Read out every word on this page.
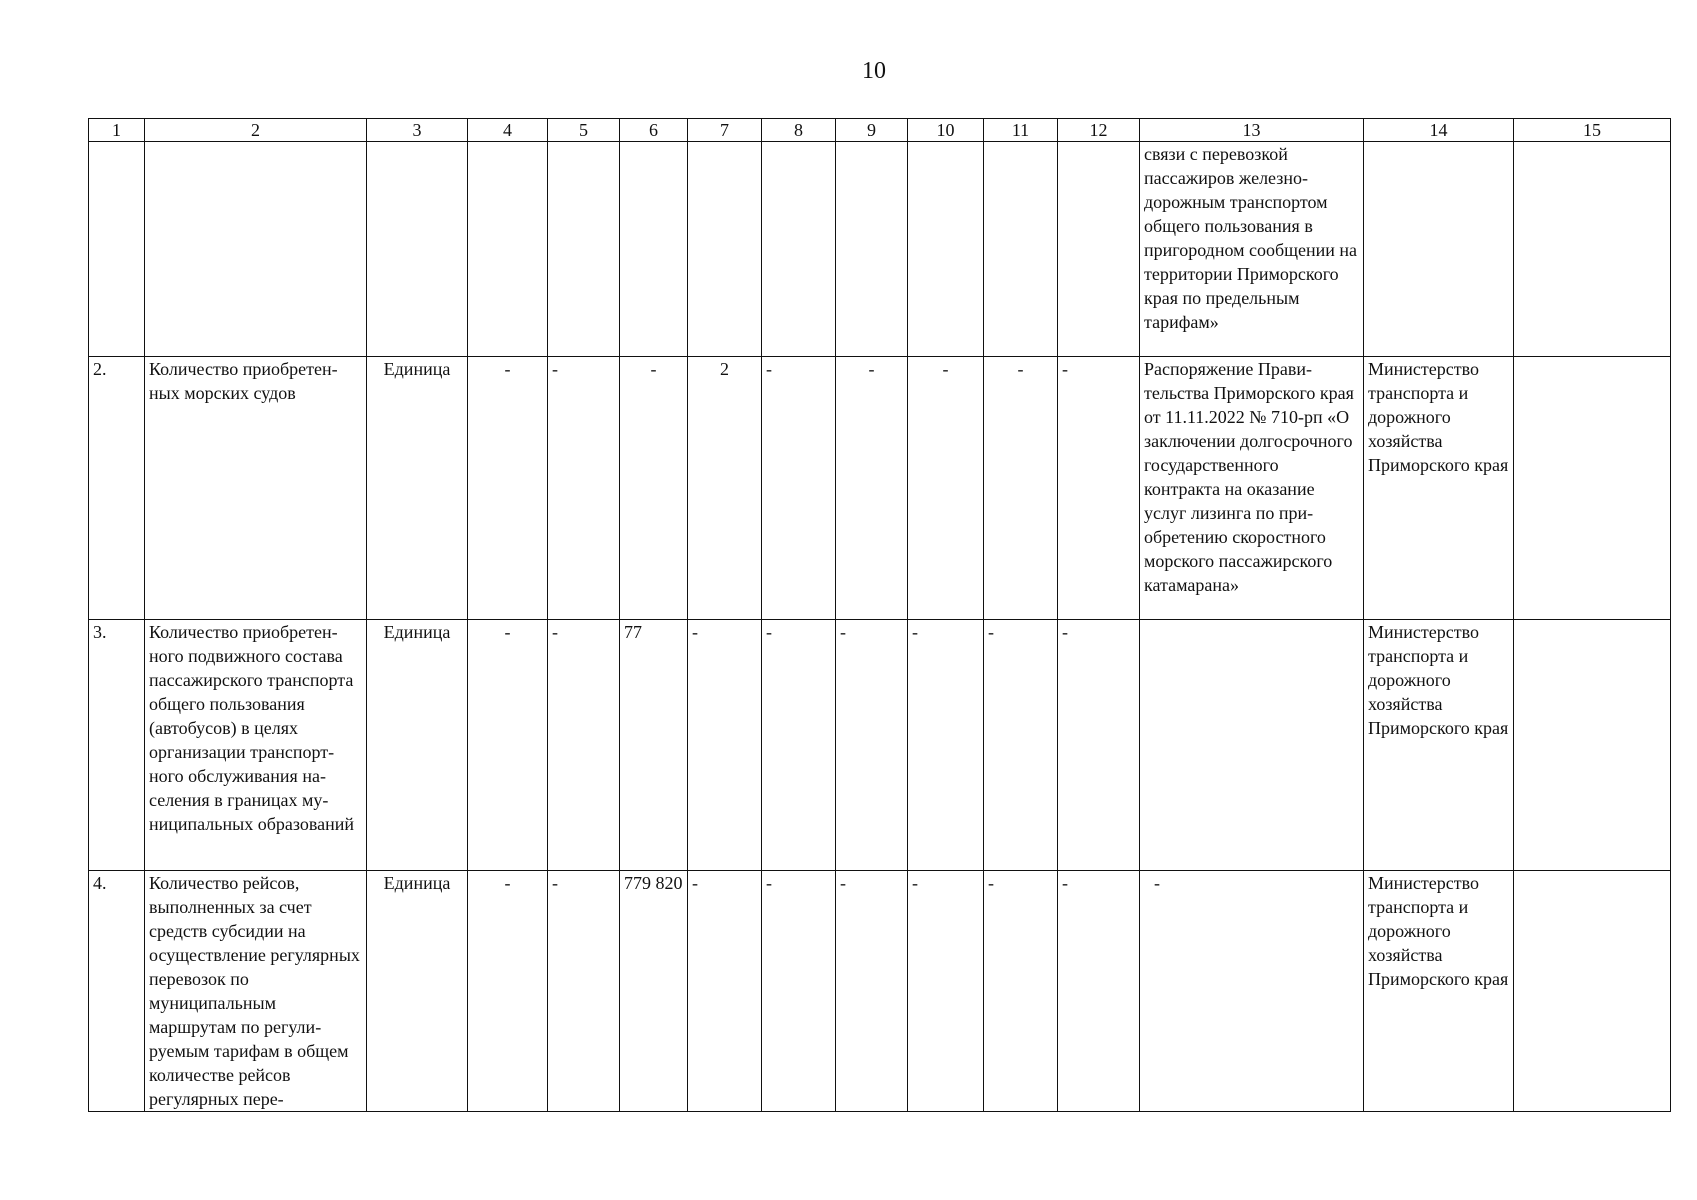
10
1	2	3	4	5	6	7	8	9	10	11	12	13	14	15
												связи с перевозкой пассажиров железнодорожным транспортом общего пользования в пригородном сообщении на территории Приморского края по предельным тарифам»		
2.	Количество приобретенных морских судов	Единица	-	-	-	2	-	-	-	-	-	Распоряжение Правительства Приморского края от 11.11.2022 № 710-рп «О заключении долгосрочного государственного контракта на оказание услуг лизинга по приобретению скоростного морского пассажирского катамарана»	Министерство транспорта и дорожного хозяйства Приморского края	
3.	Количество приобретенного подвижного состава пассажирского транспорта общего пользования (автобусов) в целях организации транспортного обслуживания населения в границах муниципальных образований	Единица	-	-	77	-	-	-	-	-	-		Министерство транспорта и дорожного хозяйства Приморского края	
4.	Количество рейсов, выполненных за счет средств субсидии на осуществление регулярных перевозок по муниципальным маршрутам по регулируемым тарифам в общем количестве рейсов регулярных пере-	Единица	-	-	779 820	-	-	-	-	-	-	-	Министерство транспорта и дорожного хозяйства Приморского края	
